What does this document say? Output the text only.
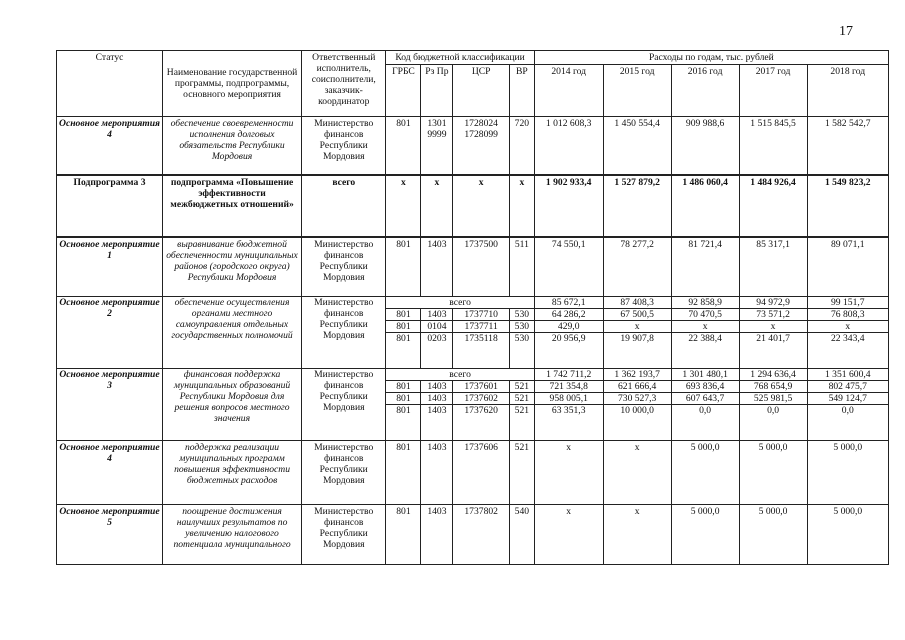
17
Статус	Наименование государственной программы, подпрограммы, основного мероприятия	Ответственный исполнитель, соисполнители, заказчик-координатор	Код бюджетной классификации				Расходы по годам, тыс. рублей				
			ГРБС	Рз Пр	ЦСР	ВР	2014 год	2015 год	2016 год	2017 год	2018 год
Основное мероприятия 4	обеспечение своевременности исполнения долговых обязательств Республики Мордовия	Министерство финансов Республики Мордовия	801	1301 9999	1728024 1728099	720	1 012 608,3	1 450 554,4	909 988,6	1 515 845,5	1 582 542,7
Подпрограмма 3	подпрограмма «Повышение эффективности межбюджетных отношений»	всего	х	х	х	х	1 902 933,4	1 527 879,2	1 486 060,4	1 484 926,4	1 549 823,2
Основное мероприятие 1	выравнивание бюджетной обеспеченности муниципальных районов (городского округа) Республики Мордовия	Министерство финансов Республики Мордовия	801	1403	1737500	511	74 550,1	78 277,2	81 721,4	85 317,1	89 071,1
Основное мероприятие 2	обеспечение осуществления органами местного самоуправления отдельных государственных полномочий	Министерство финансов Республики Мордовия	всего				85 672,1	87 408,3	92 858,9	94 972,9	99 151,7
			801	1403	1737710	530	64 286,2	67 500,5	70 470,5	73 571,2	76 808,3
			801	0104	1737711	530	429,0	х	х	х	х
			801	0203	1735118	530	20 956,9	19 907,8	22 388,4	21 401,7	22 343,4
Основное мероприятие 3	финансовая поддержка муниципальных образований Республики Мордовия для решения вопросов местного значения	Министерство финансов Республики Мордовия	всего				1 742 711,2	1 362 193,7	1 301 480,1	1 294 636,4	1 351 600,4
			801	1403	1737601	521	721 354,8	621 666,4	693 836,4	768 654,9	802 475,7
			801	1403	1737602	521	958 005,1	730 527,3	607 643,7	525 981,5	549 124,7
			801	1403	1737620	521	63 351,3	10 000,0	0,0	0,0	0,0
Основное мероприятие 4	поддержка реализации муниципальных программ повышения эффективности бюджетных расходов	Министерство финансов Республики Мордовия	801	1403	1737606	521	х	х	5 000,0	5 000,0	5 000,0
Основное мероприятие 5	поощрение достижения наилучших результатов по увеличению налогового потенциала муниципального	Министерство финансов Республики Мордовия	801	1403	1737802	540	х	х	5 000,0	5 000,0	5 000,0
